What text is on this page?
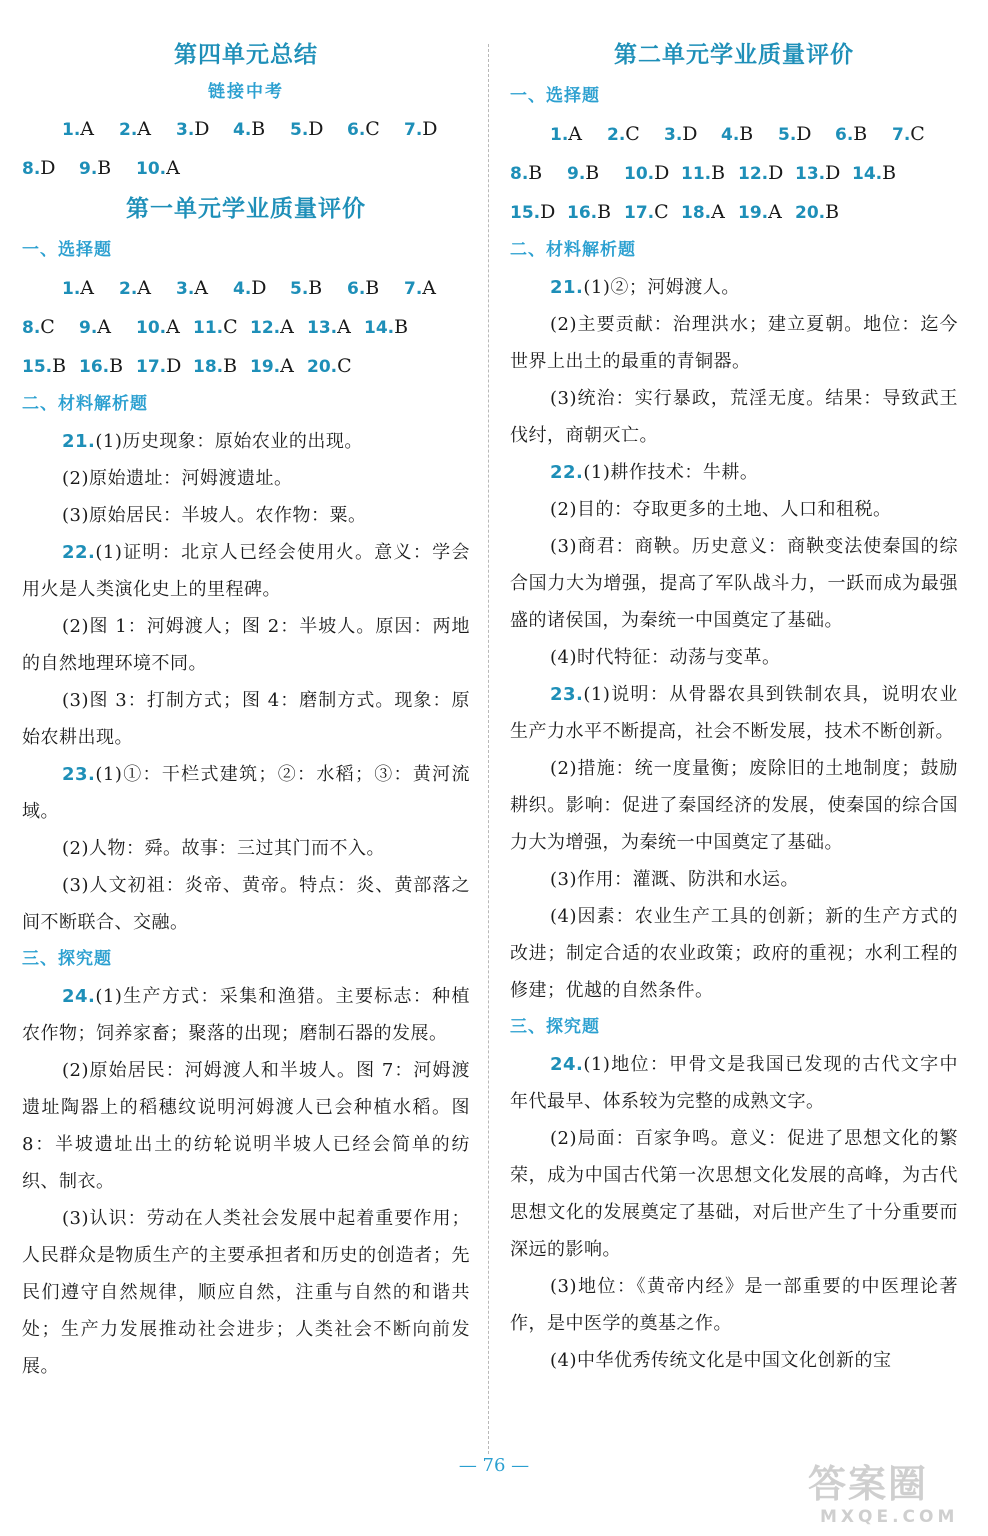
第四单元总结
链接中考
1.A	2.A	3.D	4.B	5.D	6.C	7.D
8.D	9.B	10.A
第一单元学业质量评价
一、选择题
1.A	2.A	3.A	4.D	5.B	6.B	7.A
8.C	9.A	10.A 11.C 12.A 13.A 14.B
15.B 16.B 17.D 18.B 19.A 20.C
二、材料解析题

21.(1)历史现象：原始农业的出现。

(2)原始遗址：河姆渡遗址。

(3)原始居民：半坡人。农作物：粟。

22.(1)证明：北京人已经会使用火。意义：学会用火是人类演化史上的里程碑。

(2)图 1：河姆渡人；图 2：半坡人。原因：两地的自然地理环境不同。

(3)图 3：打制方式；图 4：磨制方式。现象：原始农耕出现。

23.(1)①：干栏式建筑；②：水稻；③：黄河流域。

(2)人物：舜。故事：三过其门而不入。

(3)人文初祖：炎帝、黄帝。特点：炎、黄部落之间不断联合、交融。

三、探究题

24.(1)生产方式：采集和渔猎。主要标志：种植农作物；饲养家畜；聚落的出现；磨制石器的发展。

(2)原始居民：河姆渡人和半坡人。图 7：河姆渡遗址陶器上的稻穗纹说明河姆渡人已会种植水稻。图 8：半坡遗址出土的纺轮说明半坡人已经会简单的纺织、制衣。

(3)认识：劳动在人类社会发展中起着重要作用；人民群众是物质生产的主要承担者和历史的创造者；先民们遵守自然规律，顺应自然，注重与自然的和谐共处；生产力发展推动社会进步；人类社会不断向前发展。

第二单元学业质量评价
一、选择题
1.A	2.C	3.D	4.B	5.D	6.B	7.C
8.B	9.B	10.D 11.B 12.D 13.D 14.B
15.D 16.B 17.C 18.A 19.A 20.B
二、材料解析题

21.(1)②；河姆渡人。

(2)主要贡献：治理洪水；建立夏朝。地位：迄今世界上出土的最重的青铜器。

(3)统治：实行暴政，荒淫无度。结果：导致武王伐纣，商朝灭亡。

22.(1)耕作技术：牛耕。

(2)目的：夺取更多的土地、人口和租税。

(3)商君：商鞅。历史意义：商鞅变法使秦国的综合国力大为增强，提高了军队战斗力，一跃而成为最强盛的诸侯国，为秦统一中国奠定了基础。

(4)时代特征：动荡与变革。

23.(1)说明：从骨器农具到铁制农具，说明农业生产力水平不断提高，社会不断发展，技术不断创新。

(2)措施：统一度量衡；废除旧的土地制度；鼓励耕织。影响：促进了秦国经济的发展，使秦国的综合国力大为增强，为秦统一中国奠定了基础。

(3)作用：灌溉、防洪和水运。

(4)因素：农业生产工具的创新；新的生产方式的改进；制定合适的农业政策；政府的重视；水利工程的修建；优越的自然条件。

三、探究题

24.(1)地位：甲骨文是我国已发现的古代文字中年代最早、体系较为完整的成熟文字。

(2)局面：百家争鸣。意义：促进了思想文化的繁荣，成为中国古代第一次思想文化发展的高峰，为古代思想文化的发展奠定了基础，对后世产生了十分重要而深远的影响。

(3)地位：《黄帝内经》是一部重要的中医理论著作，是中医学的奠基之作。

(4)中华优秀传统文化是中国文化创新的宝

— 76 —	答案圈
MXQE.COM
